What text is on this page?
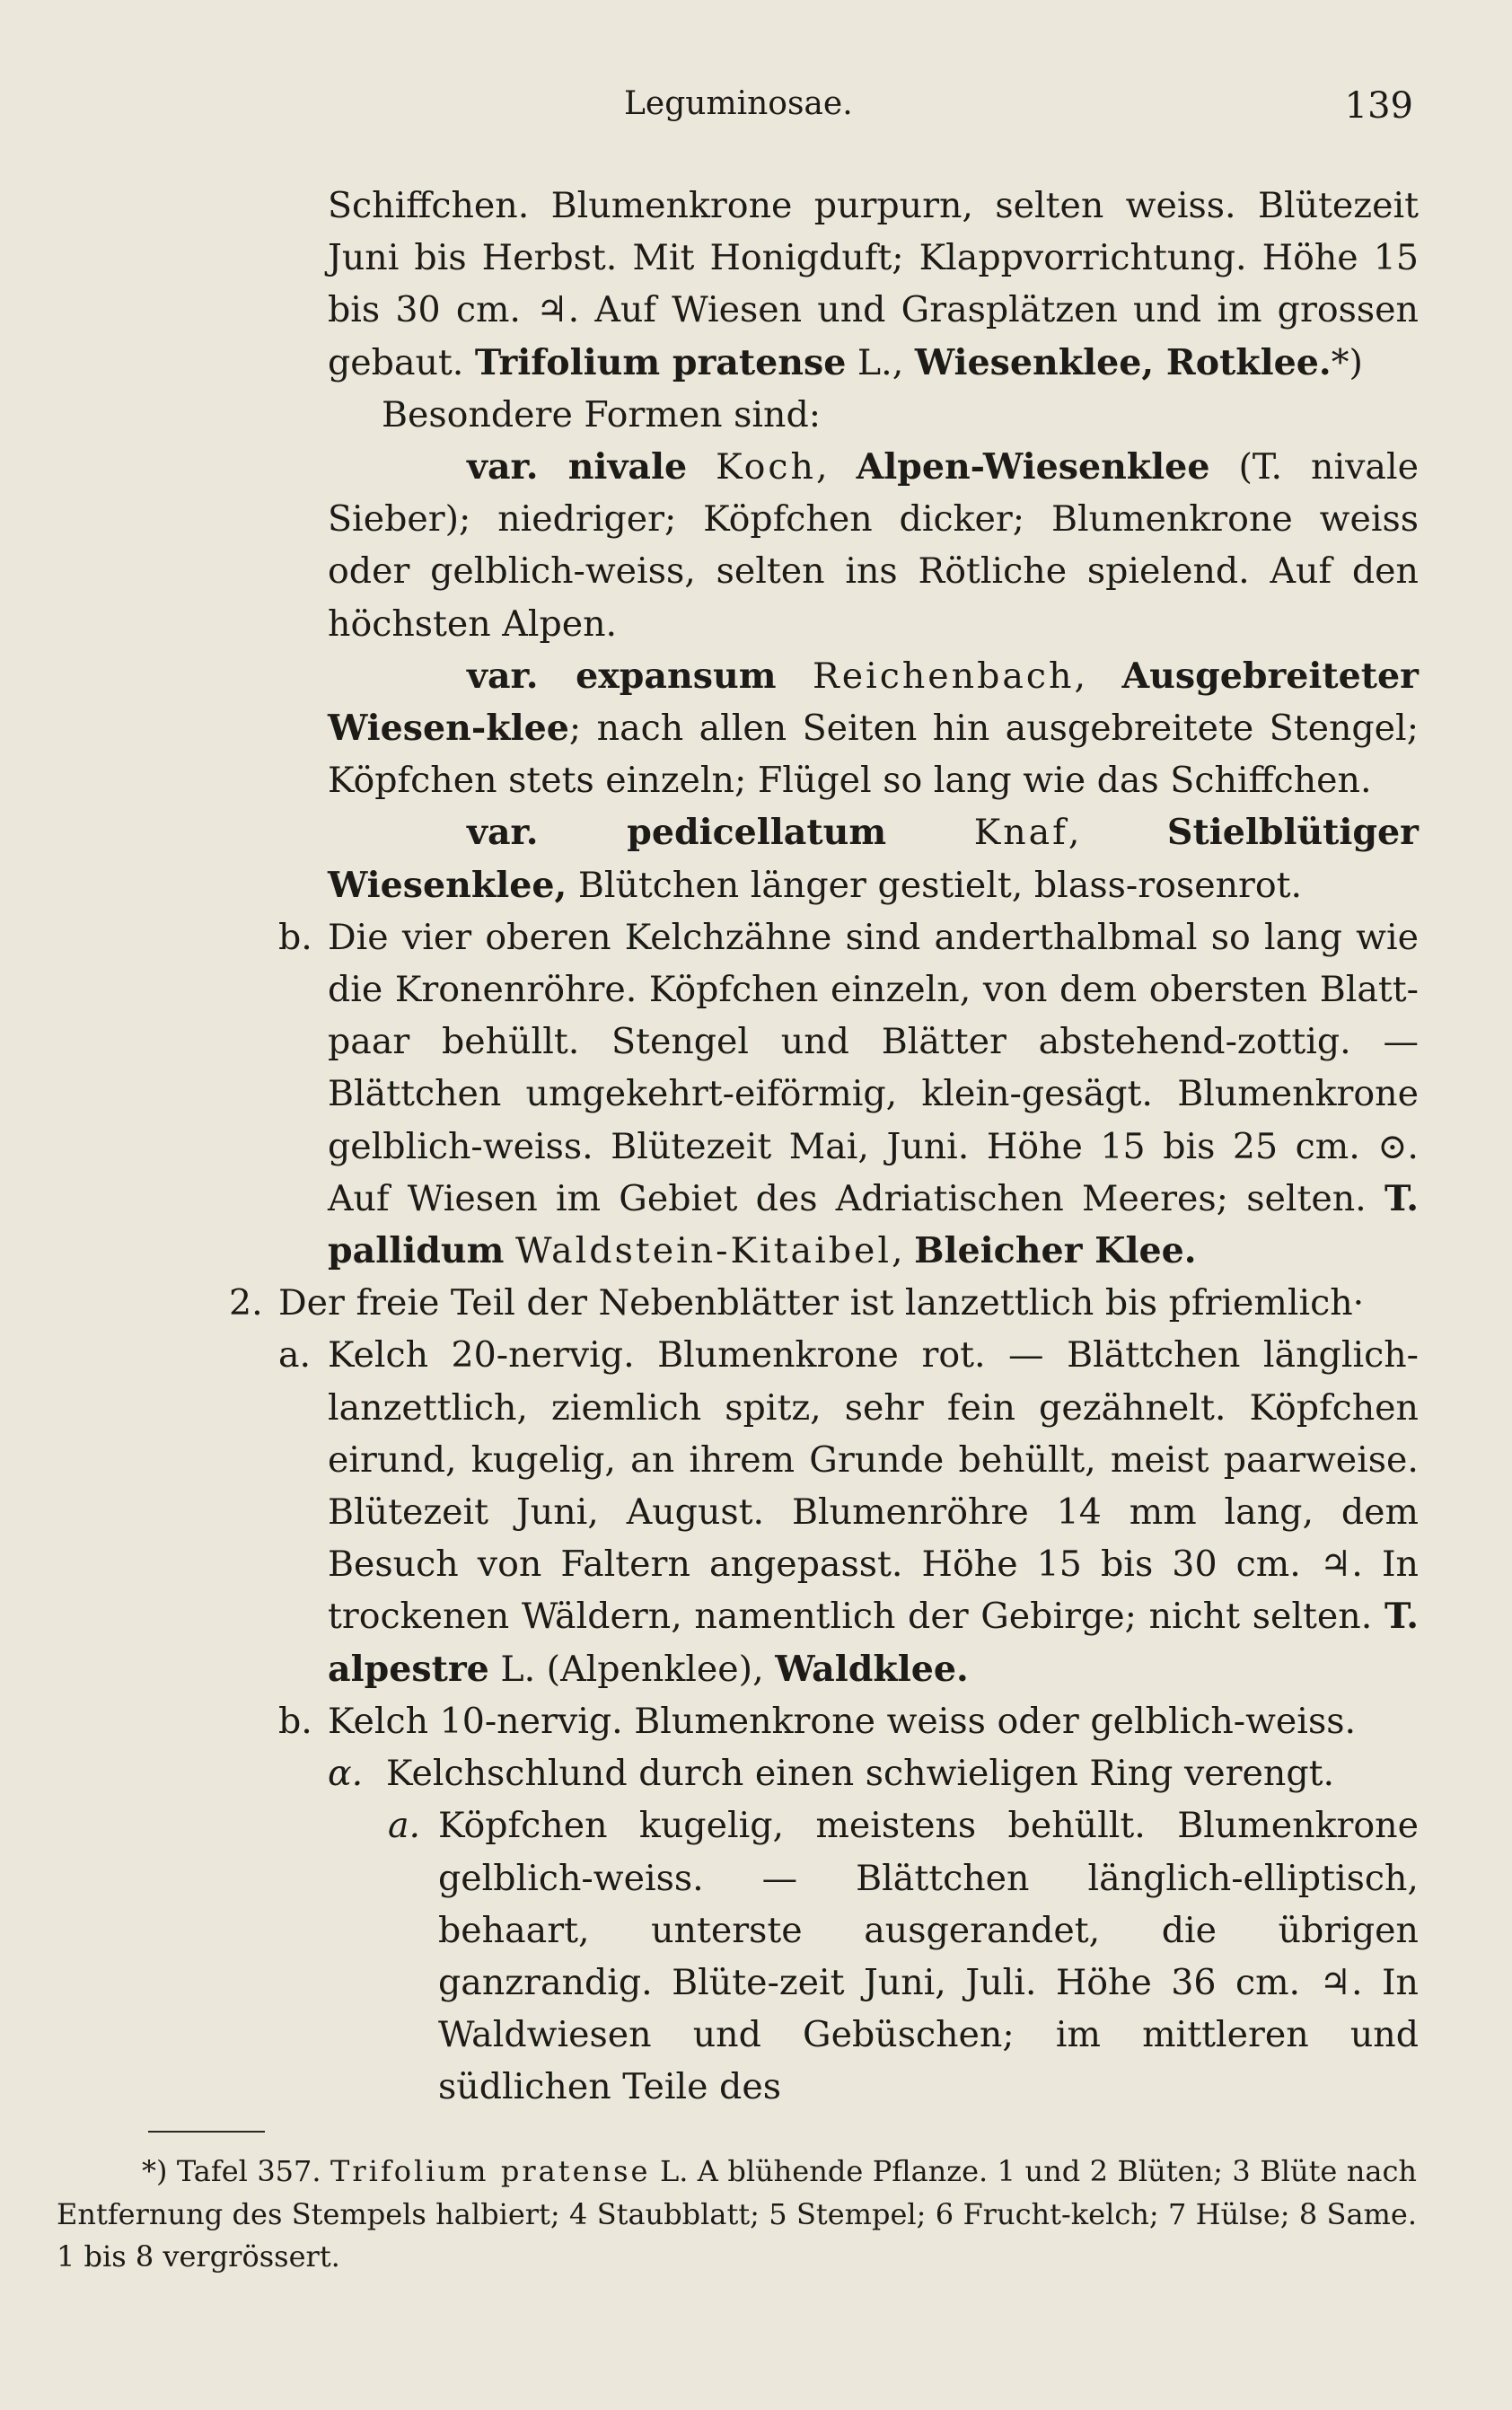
Leguminosae.	139

Schiffchen. Blumenkrone purpurn, selten weiss. Blütezeit Juni bis Herbst. Mit Honigduft; Klappvorrichtung. Höhe 15 bis 30 cm. ♃. Auf Wiesen und Grasplätzen und im grossen gebaut. Trifolium pratense L., Wiesenklee, Rotklee.*)

Besondere Formen sind:

var. nivale Koch, Alpen-Wiesenklee (T. nivale Sieber); niedriger; Köpfchen dicker; Blumenkrone weiss oder gelblich-weiss, selten ins Rötliche spielend. Auf den höchsten Alpen.

var. expansum Reichenbach, Ausgebreiteter Wiesen-klee; nach allen Seiten hin ausgebreitete Stengel; Köpfchen stets einzeln; Flügel so lang wie das Schiffchen.

var. pedicellatum Knaf, Stielblütiger Wiesenklee, Blütchen länger gestielt, blass-rosenrot.

b. Die vier oberen Kelchzähne sind anderthalbmal so lang wie die Kronenröhre. Köpfchen einzeln, von dem obersten Blatt-paar behüllt. Stengel und Blätter abstehend-zottig. — Blättchen umgekehrt-eiförmig, klein-gesägt. Blumenkrone gelblich-weiss. Blütezeit Mai, Juni. Höhe 15 bis 25 cm. ⊙. Auf Wiesen im Gebiet des Adriatischen Meeres; selten. T. pallidum Waldstein-Kitaibel, Bleicher Klee.

2. Der freie Teil der Nebenblätter ist lanzettlich bis pfriemlich·

a. Kelch 20-nervig. Blumenkrone rot. — Blättchen länglich-lanzettlich, ziemlich spitz, sehr fein gezähnelt. Köpfchen eirund, kugelig, an ihrem Grunde behüllt, meist paarweise. Blütezeit Juni, August. Blumenröhre 14 mm lang, dem Besuch von Faltern angepasst. Höhe 15 bis 30 cm. ♃. In trockenen Wäldern, namentlich der Gebirge; nicht selten. T. alpestre L. (Alpenklee), Waldklee.

b. Kelch 10-nervig. Blumenkrone weiss oder gelblich-weiss.

α. Kelchschlund durch einen schwieligen Ring verengt.

a. Köpfchen kugelig, meistens behüllt. Blumenkrone gelblich-weiss. — Blättchen länglich-elliptisch, behaart, unterste ausgerandet, die übrigen ganzrandig. Blüte-zeit Juni, Juli. Höhe 36 cm. ♃. In Waldwiesen und Gebüschen; im mittleren und südlichen Teile des

*) Tafel 357. Trifolium pratense L. A blühende Pflanze. 1 und 2 Blüten; 3 Blüte nach Entfernung des Stempels halbiert; 4 Staubblatt; 5 Stempel; 6 Frucht-kelch; 7 Hülse; 8 Same. 1 bis 8 vergrössert.
